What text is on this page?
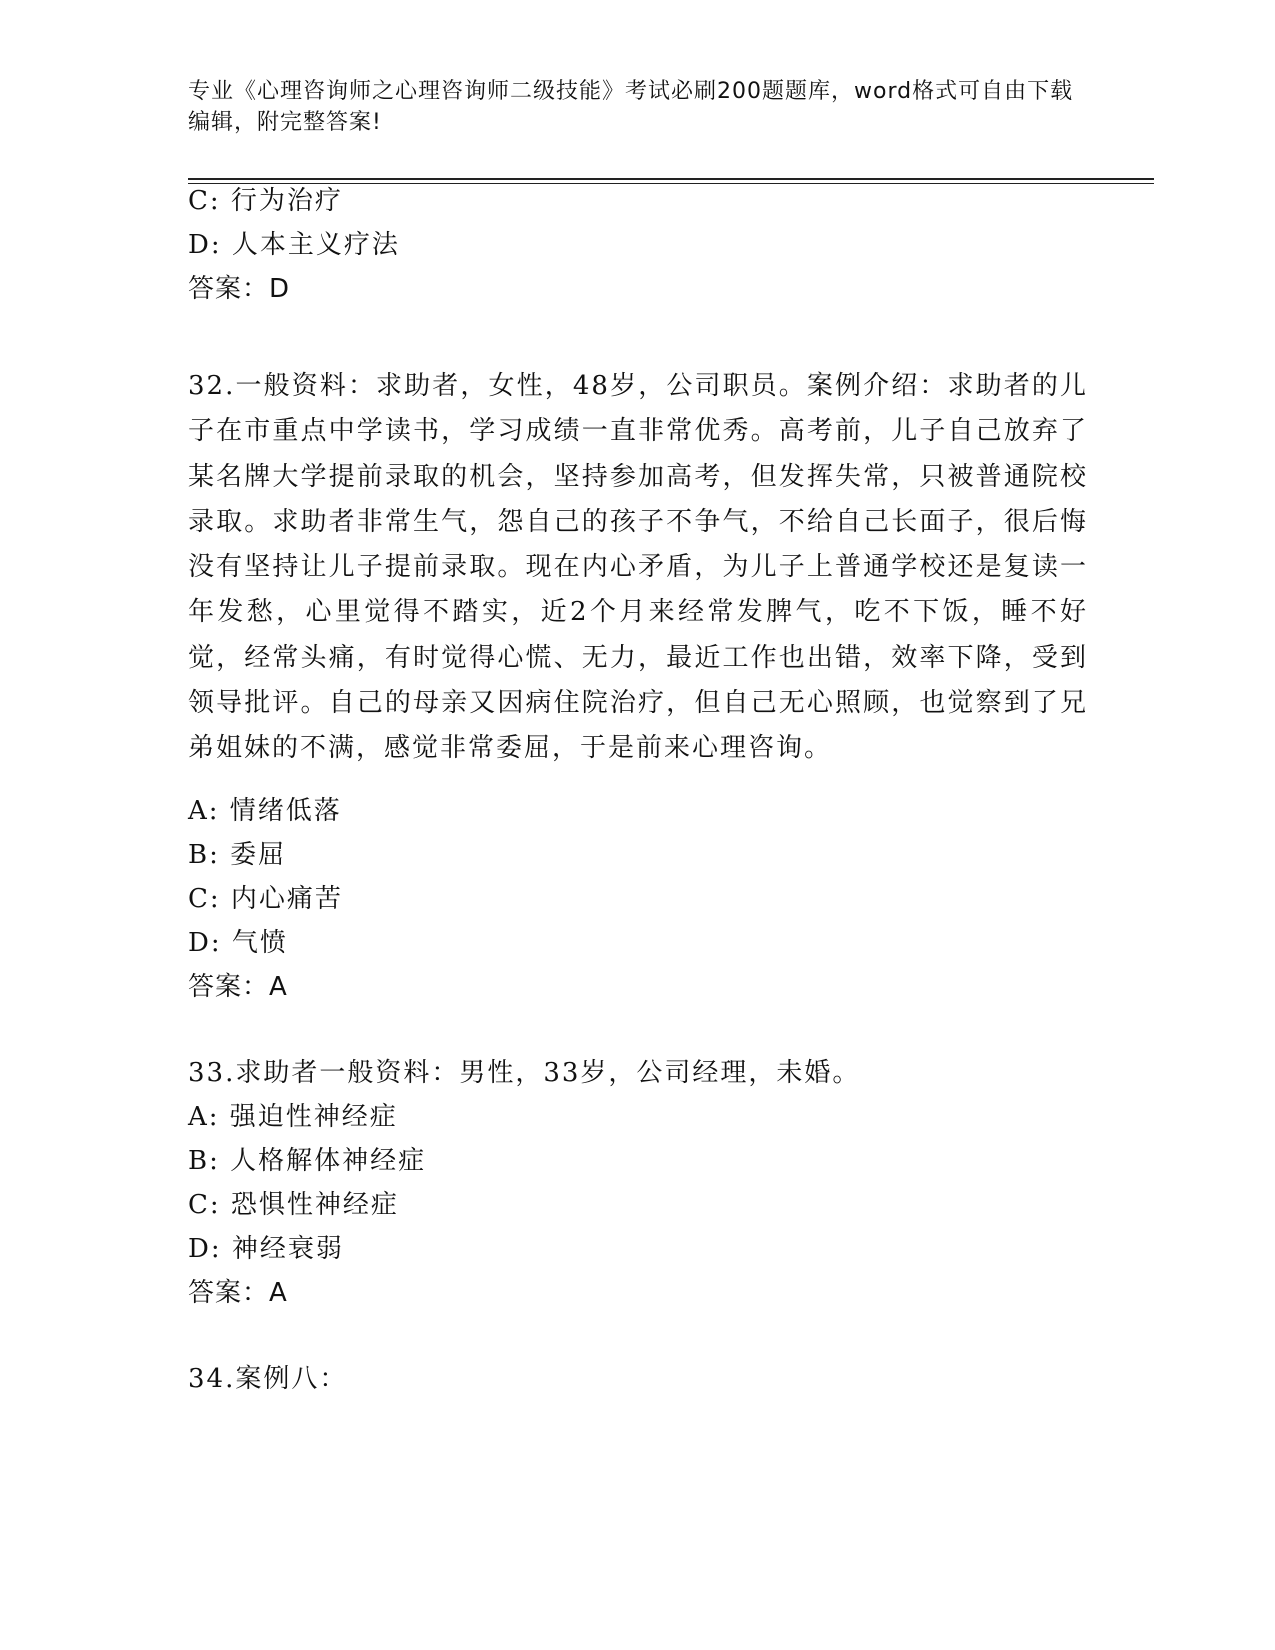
专业《心理咨询师之心理咨询师二级技能》考试必刷200题题库，word格式可自由下载编辑，附完整答案!
C: 行为治疗
D: 人本主义疗法
答案：D
32.一般资料：求助者，女性，48岁，公司职员。案例介绍：求助者的儿子在市重点中学读书，学习成绩一直非常优秀。高考前，儿子自己放弃了某名牌大学提前录取的机会，坚持参加高考，但发挥失常，只被普通院校录取。求助者非常生气，怨自己的孩子不争气，不给自己长面子，很后悔没有坚持让儿子提前录取。现在内心矛盾，为儿子上普通学校还是复读一年发愁，心里觉得不踏实，近2个月来经常发脾气，吃不下饭，睡不好觉，经常头痛，有时觉得心慌、无力，最近工作也出错，效率下降，受到领导批评。自己的母亲又因病住院治疗，但自己无心照顾，也觉察到了兄弟姐妹的不满，感觉非常委屈，于是前来心理咨询。
A: 情绪低落
B: 委屈
C: 内心痛苦
D: 气愤
答案：A
33.求助者一般资料：男性，33岁，公司经理，未婚。
A: 强迫性神经症
B: 人格解体神经症
C: 恐惧性神经症
D: 神经衰弱
答案：A
34.案例八：
